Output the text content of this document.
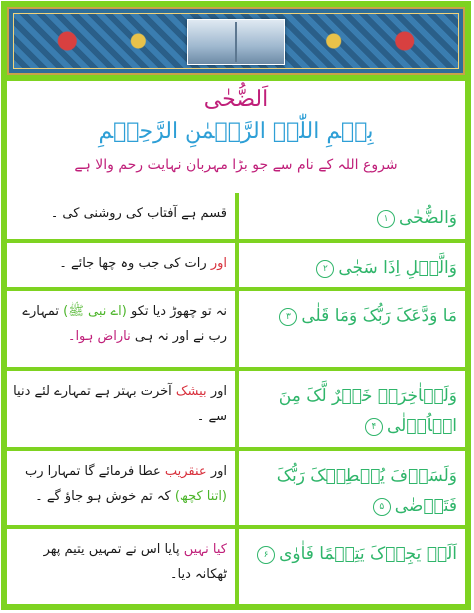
اَلضُّحٰی
بِسۡمِ اللّٰہِ الرَّحۡمٰنِ الرَّحِیۡمِ
شروع اللہ کے نام سے جو بڑا مہربان نہایت رحم والا ہے
قسم ہے آفتاب کی روشنی کی ۔	وَالضُّحٰی۱
اور رات کی جب وہ چھا جائے ۔	وَالَّیۡلِ اِذَا سَجٰی۲
نہ تو چھوڑ دیا تکو (اے نبی ﷺ) تمہارے رب نے اور نہ ہی ناراض ہوا۔
مَا وَدَّعَکَ رَبُّکَ وَمَا قَلٰی۳
اور بیشک آخرت بہتر ہے تمہارے لئے دنیا سے ۔
وَلَلۡاٰخِرَۃُ خَیۡرٌ لَّکَ مِنَ الۡاُوۡلٰی۴
اور عنقریب عطا فرمائے گا تمہارا رب (اتنا کچھ) کہ تم خوش ہو جاؤ گے ۔
وَلَسَوۡفَ یُعۡطِیۡکَ رَبُّکَ فَتَرۡضٰی۵
کیا نہیں پایا اس نے تمہیں یتیم پھر ٹھکانہ دیا۔
اَلَمۡ یَجِدۡکَ یَتِیۡمًا فَاٰوٰی۶
